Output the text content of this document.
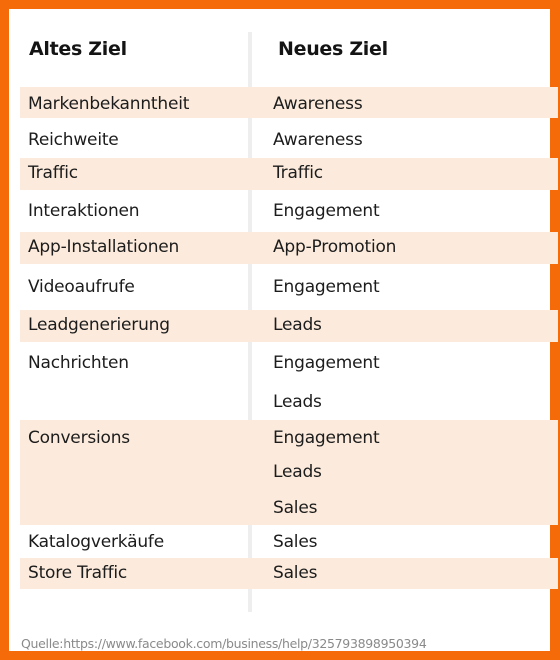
Altes Ziel	Neues Ziel
Markenbekanntheit	Awareness
Reichweite	Awareness
Traffic	Traffic
Interaktionen	Engagement
App-Installationen	App-Promotion
Videoaufrufe	Engagement
Leadgenerierung	Leads
Nachrichten	Engagement
Leads
Conversions	Engagement
Leads
Sales
Katalogverkäufe	Sales
Store Traffic	Sales
Quelle:https://www.facebook.com/business/help/325793898950394
